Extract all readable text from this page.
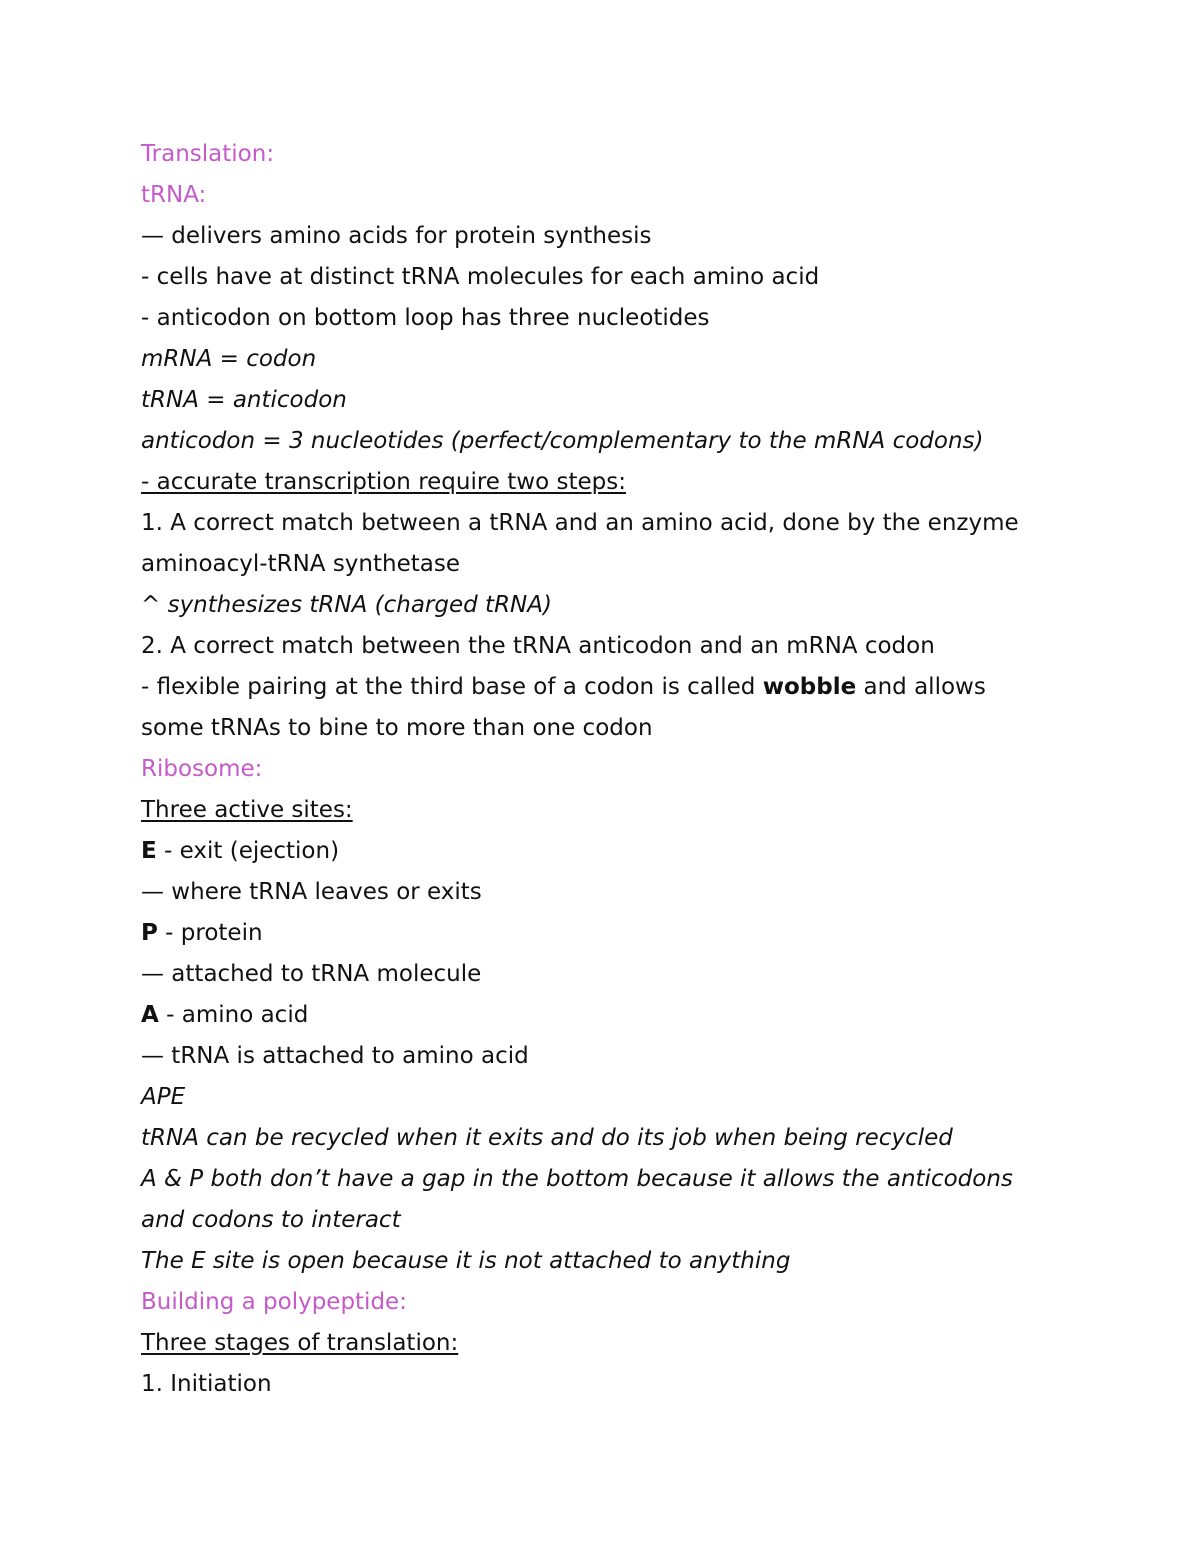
Translation:
tRNA:
— delivers amino acids for protein synthesis
- cells have at distinct tRNA molecules for each amino acid
- anticodon on bottom loop has three nucleotides
mRNA = codon
tRNA = anticodon
anticodon = 3 nucleotides (perfect/complementary to the mRNA codons)
- accurate transcription require two steps:
1. A correct match between a tRNA and an amino acid, done by the enzyme
aminoacyl-tRNA synthetase
^ synthesizes tRNA (charged tRNA)
2. A correct match between the tRNA anticodon and an mRNA codon
- flexible pairing at the third base of a codon is called wobble and allows
some tRNAs to bine to more than one codon
Ribosome:
Three active sites:
E - exit (ejection)
— where tRNA leaves or exits
P - protein
— attached to tRNA molecule
A - amino acid
— tRNA is attached to amino acid
APE
tRNA can be recycled when it exits and do its job when being recycled
A & P both don’t have a gap in the bottom because it allows the anticodons
and codons to interact
The E site is open because it is not attached to anything
Building a polypeptide:
Three stages of translation:
1. Initiation
